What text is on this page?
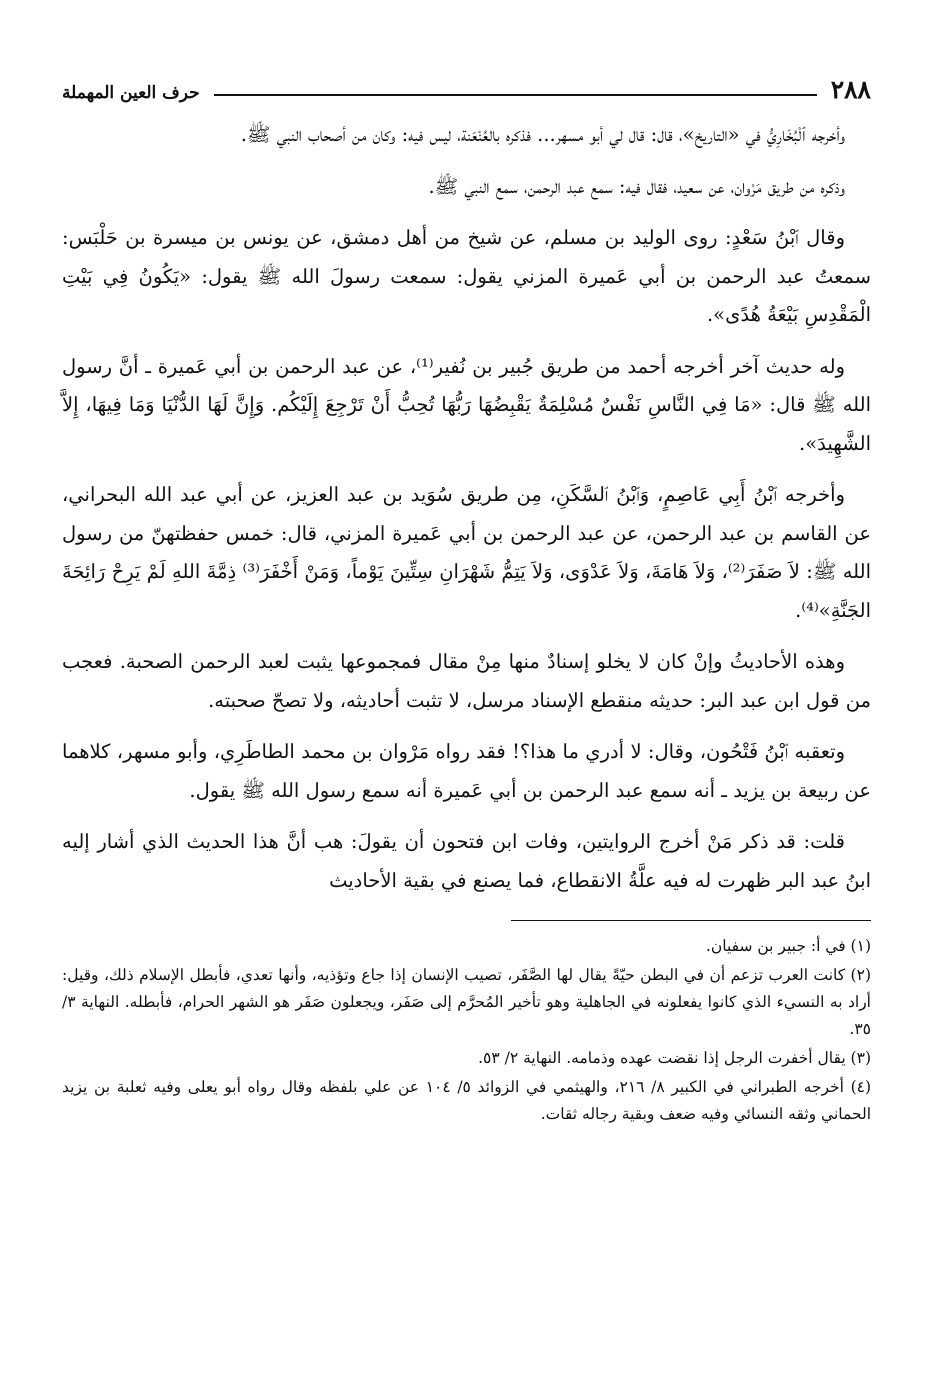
٢٨٨
حرف العين المهملة

وأخرجه ٱلْبُخَارِيُّ في «التاريخ»، قال: قال لي أبو مسهر... فذكره بالعُنْعَنة، ليس فيه: وكان من أصحاب النبي ﷺ.

وذكره من طريق مَرْوان، عن سعيد، فقال فيه: سمع عبد الرحمن، سمع النبي ﷺ.

وقال ٱبْنُ سَعْدٍ: روى الوليد بن مسلم، عن شيخ من أهل دمشق، عن يونس بن ميسرة بن حَلْبَس: سمعتُ عبد الرحمن بن أبي عَميرة المزني يقول: سمعت رسولَ الله ﷺ يقول: «يَكُونُ فِي بَيْتِ الْمَقْدِسِ بَيْعَةُ هُدًى».

وله حديث آخر أخرجه أحمد من طريق جُبير بن نُفير⁽¹⁾، عن عبد الرحمن بن أبي عَميرة ـ أنَّ رسول الله ﷺ قال: «مَا فِي النَّاسِ نَفْسٌ مُسْلِمَةٌ يَقْبِضُهَا رَبُّهَا تُحِبُّ أَنْ تَرْجِعَ إِلَيْكُم. وَإِنَّ لَهَا الدُّنْيَا وَمَا فِيهَا، إِلاَّ الشَّهِيدَ».

وأخرجه ٱبْنُ أَبِي عَاصِمٍ، وَٱبْنُ ٱلسَّكَنِ، مِن طريق سُوَيد بن عبد العزيز، عن أبي عبد الله البحراني، عن القاسم بن عبد الرحمن، عن عبد الرحمن بن أبي عَميرة المزني، قال: خمس حفظتهنّ من رسول الله ﷺ: لاَ صَفَرَ⁽²⁾، وَلاَ هَامَةَ، وَلاَ عَدْوَى، وَلاَ يَتِمُّ شَهْرَانِ سِتِّينَ يَوْماً، وَمَنْ أَخْفَرَ⁽³⁾ ذِمَّةَ اللهِ لَمْ يَرِحْ رَائِحَةَ الجَنَّةِ»⁽⁴⁾.

وهذه الأحاديثُ وإنْ كان لا يخلو إسنادٌ منها مِنْ مقال فمجموعها يثبت لعبد الرحمن الصحبة. فعجب من قول ابن عبد البر: حديثه منقطع الإسناد مرسل، لا تثبت أحاديثه، ولا تصحّ صحبته.

وتعقبه ٱبْنُ فَتْحُون، وقال: لا أدري ما هذا؟! فقد رواه مَرْوان بن محمد الطاطَرِي، وأبو مسهر، كلاهما عن ربيعة بن يزيد ـ أنه سمع عبد الرحمن بن أبي عَميرة أنه سمع رسول الله ﷺ يقول.

قلت: قد ذكر مَنْ أخرج الروايتين، وفات ابن فتحون أن يقولَ: هب أنَّ هذا الحديث الذي أشار إليه ابنُ عبد البر ظهرت له فيه علَّةُ الانقطاع، فما يصنع في بقية الأحاديث

(١) في أ: جبير بن سفيان.

(٢) كانت العرب تزعم أن في البطن حيّةً يقال لها الصَّفَر، تصيب الإنسان إذا جاع وتؤذيه، وأنها تعدي، فأبطل الإسلام ذلك، وقيل: أراد به النسيء الذي كانوا يفعلونه في الجاهلية وهو تأخير المُحرَّم إلى صَفَر، ويجعلون صَفَر هو الشهر الحرام، فأبطله. النهاية ٣/ ٣٥.

(٣) يقال أخفرت الرجل إذا نقضت عهده وذمامه. النهاية ٢/ ٥٣.

(٤) أخرجه الطبراني في الكبير ٨/ ٢١٦، والهيثمي في الزوائد ٥/ ١٠٤ عن علي بلفظه وقال رواه أبو يعلى وفيه ثعلبة بن يزيد الحماني وثقه النسائي وفيه ضعف وبقية رجاله ثقات.
